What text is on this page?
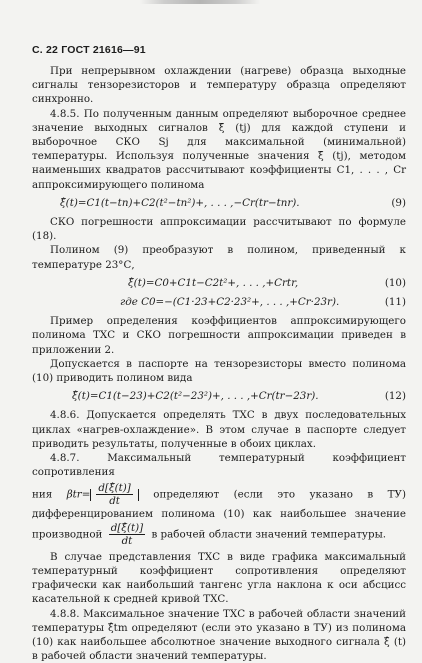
С. 22 ГОСТ 21616—91

При непрерывном охлаждении (нагреве) образца выходные сигналы тензорезисторов и температуру образца определяют синхронно.

4.8.5. По полученным данным определяют выборочное среднее значение выходных сигналов ξ̄ (tj) для каждой ступени и выборочное СКО Sj для максимальной (минимальной) температуры. Используя полученные значения ξ̄ (tj), методом наименьших квадратов рассчитывают коэффициенты C1, . . . , Cr аппроксимирующего полинома

ξ̂(t)=C1(t−tn)+C2(t²−tn²)+, . . . ,−Cr(tr−tnr).	(9)

СКО погрешности аппроксимации рассчитывают по формуле (18).

Полином (9) преобразуют в полином, приведенный к температуре 23°С,

ξ̂(t)=C0+C1t−C2t²+, . . . ,+Crtr,	(10)
где C0=−(C1·23+C2·23²+, . . . ,+Cr·23r).	(11)

Пример определения коэффициентов аппроксимирующего полинома ТХС и СКО погрешности аппроксимации приведен в приложении 2.

Допускается в паспорте на тензорезисторы вместо полинома (10) приводить полином вида

ξ̂(t)=C1(t−23)+C2(t²−23²)+, . . . ,+Cr(tr−23r).	(12)

4.8.6. Допускается определять ТХС в двух последовательных циклах «нагрев-охлаждение». В этом случае в паспорте следует приводить результаты, полученные в обоих циклах.

4.8.7. Максимальный температурный коэффициент сопротивления

ния $\beta tr= \frac{d[\xî(t)]}{dt}$ определяют (если это указано в ТУ) дифференцированием полинома (10) как наибольшее значение производной $\frac{d[\xî(t)]}{dt}$ в рабочей области значений температуры.

В случае представления ТХС в виде графика максимальный температурный коэффициент сопротивления определяют графически как наибольший тангенс угла наклона к оси абсцисс касательной к средней кривой ТХС.

4.8.8. Максимальное значение ТХС в рабочей области значений температуры ξ̂tm определяют (если это указано в ТУ) из полинома (10) как наибольшее абсолютное значение выходного сигнала ξ̂ (t) в рабочей области значений температуры.
